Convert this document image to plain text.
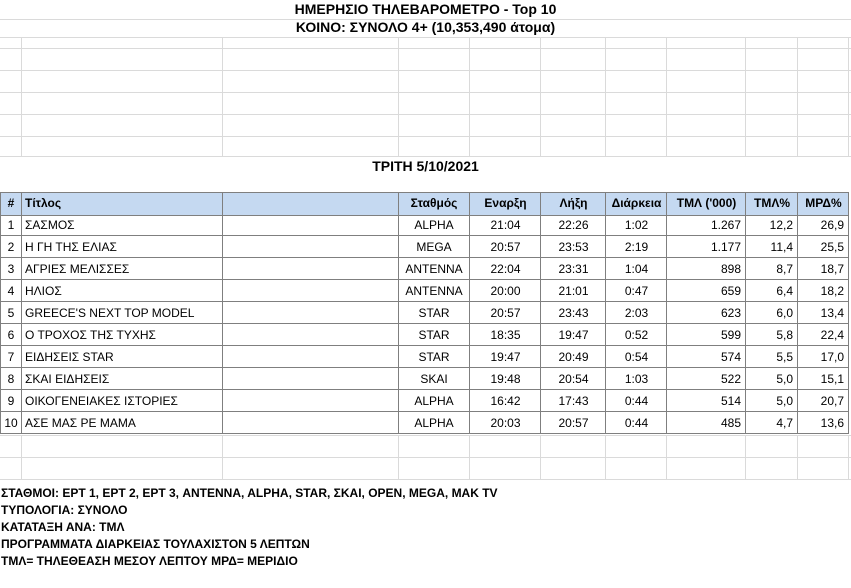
ΗΜΕΡΗΣΙΟ ΤΗΛΕΒΑΡΟΜΕΤΡΟ - Top 10
ΚΟΙΝΟ: ΣΥΝΟΛΟ 4+ (10,353,490 άτομα)
ΤΡΙΤΗ 5/10/2021
# Τίτλος	Σταθμός	Εναρξη	Λήξη	Διάρκεια	ΤΜΛ ('000)	ΤΜΛ%	ΜΡΔ%
1 ΣΑΣΜΟΣ	ALPHA	21:04	22:26	1:02	1.267	12,2	26,9
2 Η ΓΗ ΤΗΣ ΕΛΙΑΣ	MEGA	20:57	23:53	2:19	1.177	11,4	25,5
3 ΑΓΡΙΕΣ ΜΕΛΙΣΣΕΣ	ANTENNA	22:04	23:31	1:04	898	8,7	18,7
4 ΗΛΙΟΣ	ANTENNA	20:00	21:01	0:47	659	6,4	18,2
5 GREECE'S NEXT TOP MODEL	STAR	20:57	23:43	2:03	623	6,0	13,4
6 Ο ΤΡΟΧΟΣ ΤΗΣ ΤΥΧΗΣ	STAR	18:35	19:47	0:52	599	5,8	22,4
7 ΕΙΔΗΣΕΙΣ STAR	STAR	19:47	20:49	0:54	574	5,5	17,0
8 ΣΚΑΙ ΕΙΔΗΣΕΙΣ	SKAI	19:48	20:54	1:03	522	5,0	15,1
9 ΟΙΚΟΓΕΝΕΙΑΚΕΣ ΙΣΤΟΡΙΕΣ	ALPHA	16:42	17:43	0:44	514	5,0	20,7
10 ΑΣΕ ΜΑΣ ΡΕ ΜΑΜΑ	ALPHA	20:03	20:57	0:44	485	4,7	13,6
ΣΤΑΘΜΟΙ: ΕΡΤ 1, ΕΡΤ 2, ΕΡΤ 3, ANTENNA, ALPHA, STAR, ΣΚΑΙ, OPEN, MEGA, MAK TV
ΤΥΠΟΛΟΓΙΑ: ΣΥΝΟΛΟ
ΚΑΤΑΤΑΞΗ ΑΝΑ: ΤΜΛ
ΠΡΟΓΡΑΜΜΑΤΑ ΔΙΑΡΚΕΙΑΣ ΤΟΥΛΑΧΙΣΤΟΝ 5 ΛΕΠΤΩΝ
ΤΜΛ= ΤΗΛΕΘΕΑΣΗ ΜΕΣΟΥ ΛΕΠΤΟΥ ΜΡΔ= ΜΕΡΙΔΙΟ
